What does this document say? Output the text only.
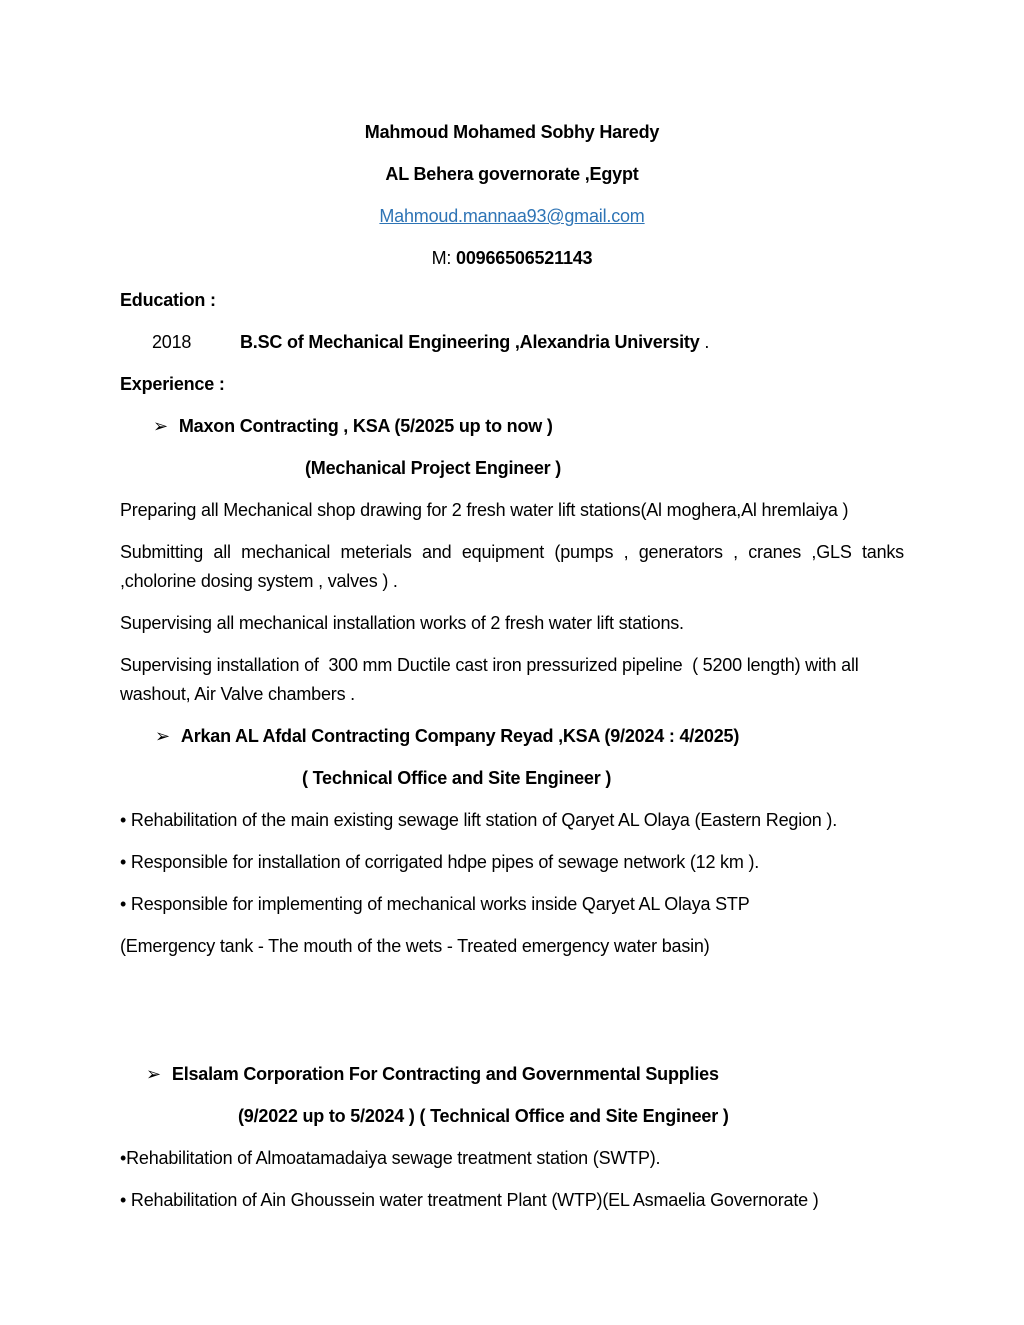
Mahmoud Mohamed Sobhy Haredy
AL Behera governorate ,Egypt
Mahmoud.mannaa93@gmail.com
M: 00966506521143
Education :
2018	B.SC of Mechanical Engineering ,Alexandria University .
Experience :
➢ Maxon Contracting , KSA (5/2025 up to now )
(Mechanical Project Engineer )
Preparing all Mechanical shop drawing for 2 fresh water lift stations(Al moghera,Al hremlaiya )
Submitting all mechanical meterials and equipment (pumps , generators , cranes ,GLS tanks ,cholorine dosing system , valves ) .
Supervising all mechanical installation works of 2 fresh water lift stations.
Supervising installation of  300 mm Ductile cast iron pressurized pipeline  ( 5200 length) with all washout, Air Valve chambers .
➢ Arkan AL Afdal Contracting Company Reyad ,KSA (9/2024 : 4/2025)
( Technical Office and Site Engineer )
• Rehabilitation of the main existing sewage lift station of Qaryet AL Olaya (Eastern Region ).
• Responsible for installation of corrigated hdpe pipes of sewage network (12 km ).
• Responsible for implementing of mechanical works inside Qaryet AL Olaya STP
(Emergency tank - The mouth of the wets - Treated emergency water basin)
➢ Elsalam Corporation For Contracting and Governmental Supplies
(9/2022 up to 5/2024 ) ( Technical Office and Site Engineer )
•Rehabilitation of Almoatamadaiya sewage treatment station (SWTP).
• Rehabilitation of Ain Ghoussein water treatment Plant (WTP)(EL Asmaelia Governorate )
